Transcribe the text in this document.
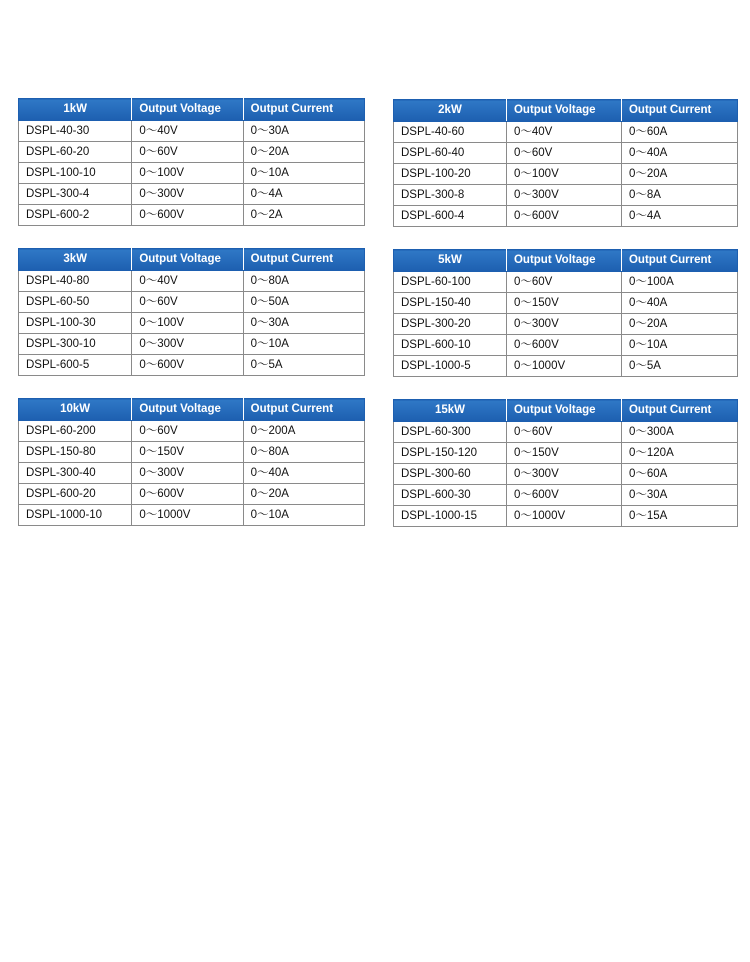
1kW	Output Voltage	Output Current
DSPL-40-30	0～40V	0～30A
DSPL-60-20	0～60V	0～20A
DSPL-100-10	0～100V	0～10A
DSPL-300-4	0～300V	0～4A
DSPL-600-2	0～600V	0～2A
2kW	Output Voltage	Output Current
DSPL-40-60	0～40V	0～60A
DSPL-60-40	0～60V	0～40A
DSPL-100-20	0～100V	0～20A
DSPL-300-8	0～300V	0～8A
DSPL-600-4	0～600V	0～4A
3kW	Output Voltage	Output Current
DSPL-40-80	0～40V	0～80A
DSPL-60-50	0～60V	0～50A
DSPL-100-30	0～100V	0～30A
DSPL-300-10	0～300V	0～10A
DSPL-600-5	0～600V	0～5A
5kW	Output Voltage	Output Current
DSPL-60-100	0～60V	0～100A
DSPL-150-40	0～150V	0～40A
DSPL-300-20	0～300V	0～20A
DSPL-600-10	0～600V	0～10A
DSPL-1000-5	0～1000V	0～5A
10kW	Output Voltage	Output Current
DSPL-60-200	0～60V	0～200A
DSPL-150-80	0～150V	0～80A
DSPL-300-40	0～300V	0～40A
DSPL-600-20	0～600V	0～20A
DSPL-1000-10	0～1000V	0～10A
15kW	Output Voltage	Output Current
DSPL-60-300	0～60V	0～300A
DSPL-150-120	0～150V	0～120A
DSPL-300-60	0～300V	0～60A
DSPL-600-30	0～600V	0～30A
DSPL-1000-15	0～1000V	0～15A
